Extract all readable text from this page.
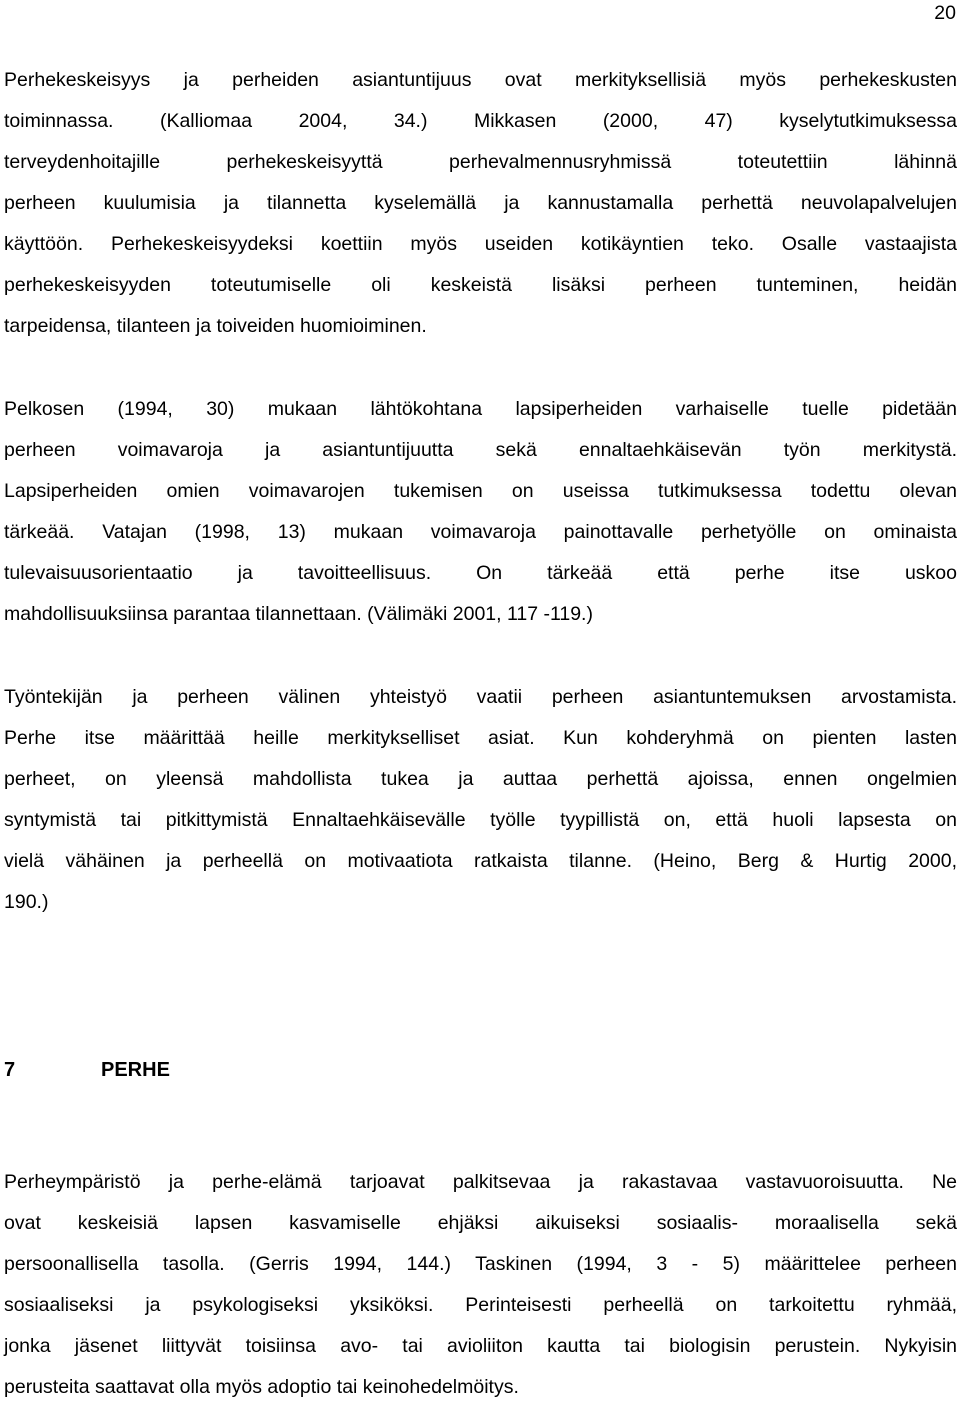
20
Perhekeskeisyys ja perheiden asiantuntijuus ovat merkityksellisiä myös perhekeskusten
toiminnassa. (Kalliomaa 2004, 34.) Mikkasen (2000, 47) kyselytutkimuksessa
terveydenhoitajille perhekeskeisyyttä perhevalmennusryhmissä toteutettiin lähinnä
perheen kuulumisia ja tilannetta kyselemällä ja kannustamalla perhettä neuvolapalvelujen
käyttöön. Perhekeskeisyydeksi koettiin myös useiden kotikäyntien teko. Osalle vastaajista
perhekeskeisyyden toteutumiselle oli keskeistä lisäksi perheen tunteminen, heidän
tarpeidensa, tilanteen ja toiveiden huomioiminen.
Pelkosen (1994, 30) mukaan lähtökohtana lapsiperheiden varhaiselle tuelle pidetään
perheen voimavaroja ja asiantuntijuutta sekä ennaltaehkäisevän työn merkitystä.
Lapsiperheiden omien voimavarojen tukemisen on useissa tutkimuksessa todettu olevan
tärkeää. Vatajan (1998, 13) mukaan voimavaroja painottavalle perhetyölle on ominaista
tulevaisuusorientaatio ja tavoitteellisuus. On tärkeää että perhe itse uskoo
mahdollisuuksiinsa parantaa tilannettaan. (Välimäki 2001, 117 -119.)
Työntekijän ja perheen välinen yhteistyö vaatii perheen asiantuntemuksen arvostamista.
Perhe itse määrittää heille merkitykselliset asiat. Kun kohderyhmä on pienten lasten
perheet, on yleensä mahdollista tukea ja auttaa perhettä ajoissa, ennen ongelmien
syntymistä tai pitkittymistä Ennaltaehkäisevälle työlle tyypillistä on, että huoli lapsesta on
vielä vähäinen ja perheellä on motivaatiota ratkaista tilanne. (Heino, Berg & Hurtig 2000,
190.)
7	PERHE
Perheympäristö ja perhe-elämä tarjoavat palkitsevaa ja rakastavaa vastavuoroisuutta. Ne
ovat keskeisiä lapsen kasvamiselle ehjäksi aikuiseksi sosiaalis- moraalisella sekä
persoonallisella tasolla. (Gerris 1994, 144.) Taskinen (1994, 3 - 5) määrittelee perheen
sosiaaliseksi ja psykologiseksi yksiköksi. Perinteisesti perheellä on tarkoitettu ryhmää,
jonka jäsenet liittyvät toisiinsa avo- tai avioliiton kautta tai biologisin perustein. Nykyisin
perusteita saattavat olla myös adoptio tai keinohedelmöitys.
